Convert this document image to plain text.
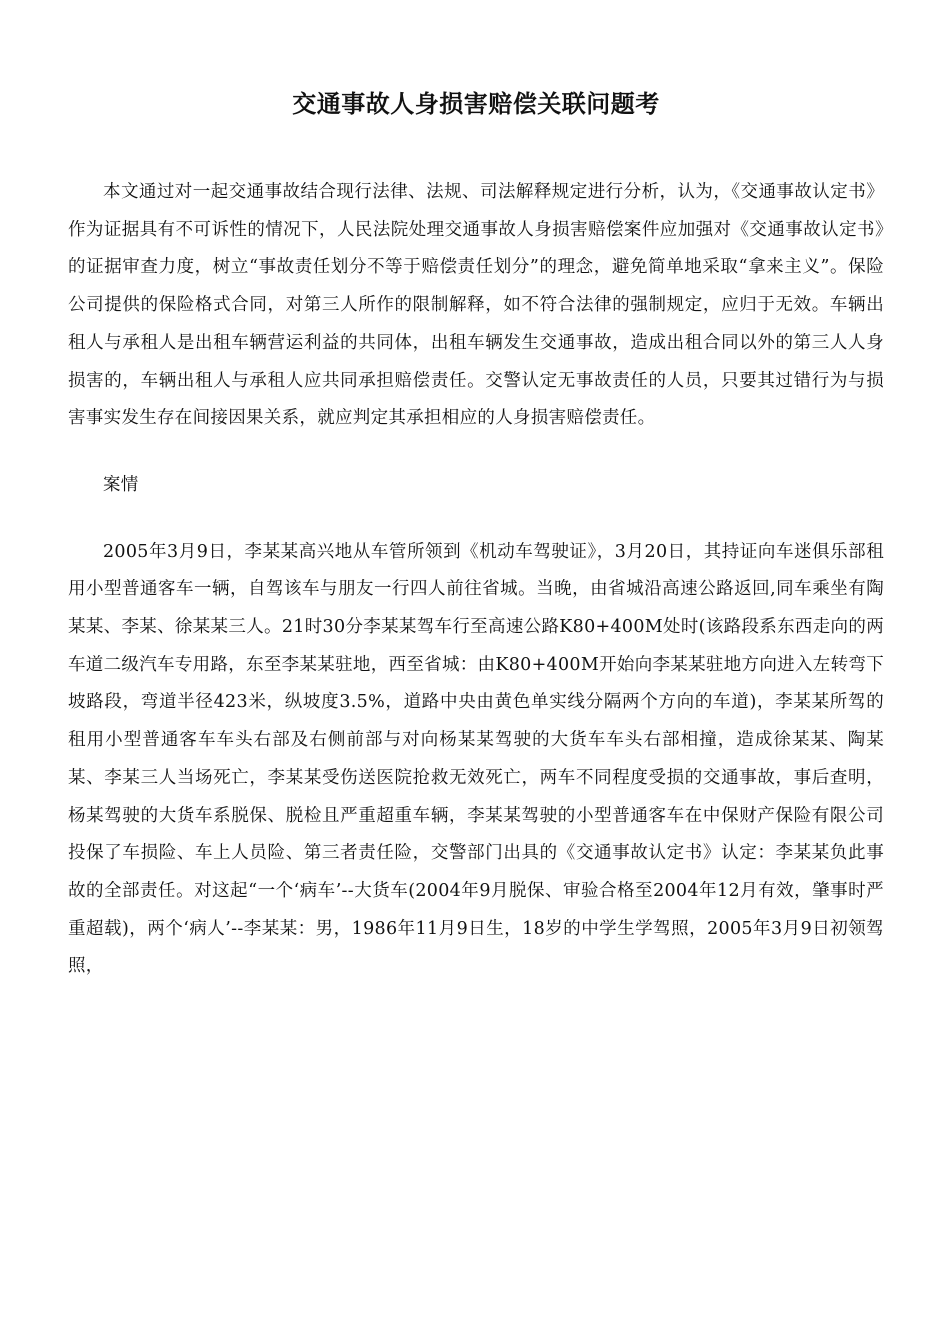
交通事故人身损害赔偿关联问题考

本文通过对一起交通事故结合现行法律、法规、司法解释规定进行分析，认为，《交通事故认定书》作为证据具有不可诉性的情况下，人民法院处理交通事故人身损害赔偿案件应加强对《交通事故认定书》的证据审查力度，树立“事故责任划分不等于赔偿责任划分”的理念，避免简单地采取“拿来主义”。保险公司提供的保险格式合同，对第三人所作的限制解释，如不符合法律的强制规定，应归于无效。车辆出租人与承租人是出租车辆营运利益的共同体，出租车辆发生交通事故，造成出租合同以外的第三人人身损害的，车辆出租人与承租人应共同承担赔偿责任。交警认定无事故责任的人员，只要其过错行为与损害事实发生存在间接因果关系，就应判定其承担相应的人身损害赔偿责任。

案情

2005年3月9日，李某某高兴地从车管所领到《机动车驾驶证》，3月20日，其持证向车迷俱乐部租用小型普通客车一辆，自驾该车与朋友一行四人前往省城。当晚，由省城沿高速公路返回,同车乘坐有陶某某、李某、徐某某三人。21时30分李某某驾车行至高速公路K80+400M处时(该路段系东西走向的两车道二级汽车专用路，东至李某某驻地，西至省城：由K80+400M开始向李某某驻地方向进入左转弯下坡路段，弯道半径423米，纵坡度3.5%，道路中央由黄色单实线分隔两个方向的车道)，李某某所驾的租用小型普通客车车头右部及右侧前部与对向杨某某驾驶的大货车车头右部相撞，造成徐某某、陶某某、李某三人当场死亡，李某某受伤送医院抢救无效死亡，两车不同程度受损的交通事故，事后查明，杨某驾驶的大货车系脱保、脱检且严重超重车辆，李某某驾驶的小型普通客车在中保财产保险有限公司投保了车损险、车上人员险、第三者责任险，交警部门出具的《交通事故认定书》认定：李某某负此事故的全部责任。对这起“一个‘病车’--大货车(2004年9月脱保、审验合格至2004年12月有效，肇事时严重超载)，两个‘病人’--李某某：男，1986年11月9日生，18岁的中学生学驾照，2005年3月9日初领驾照，
